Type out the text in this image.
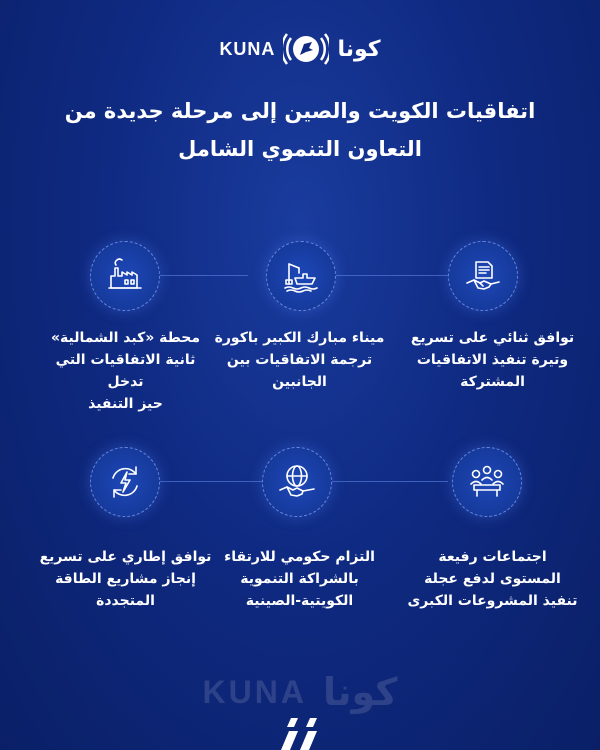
KUNA	كونا
اتفاقيات الكويت والصين إلى مرحلة جديدة من
التعاون التنموي الشامل
توافق ثنائي على تسريع
وتيرة تنفيذ الاتفاقيات
المشتركة
ميناء مبارك الكبير باكورة
ترجمة الاتفاقيات بين
الجانبين
محطة «كبد الشمالية»
ثانية الاتفاقيات التي تدخل
حيز التنفيذ
اجتماعات رفيعة
المستوى لدفع عجلة
تنفيذ المشروعات الكبرى
التزام حكومي للارتقاء
بالشراكة التنموية
الكويتية-الصينية
توافق إطاري على تسريع
إنجاز مشاريع الطاقة
المتجددة
KUNA كونا
